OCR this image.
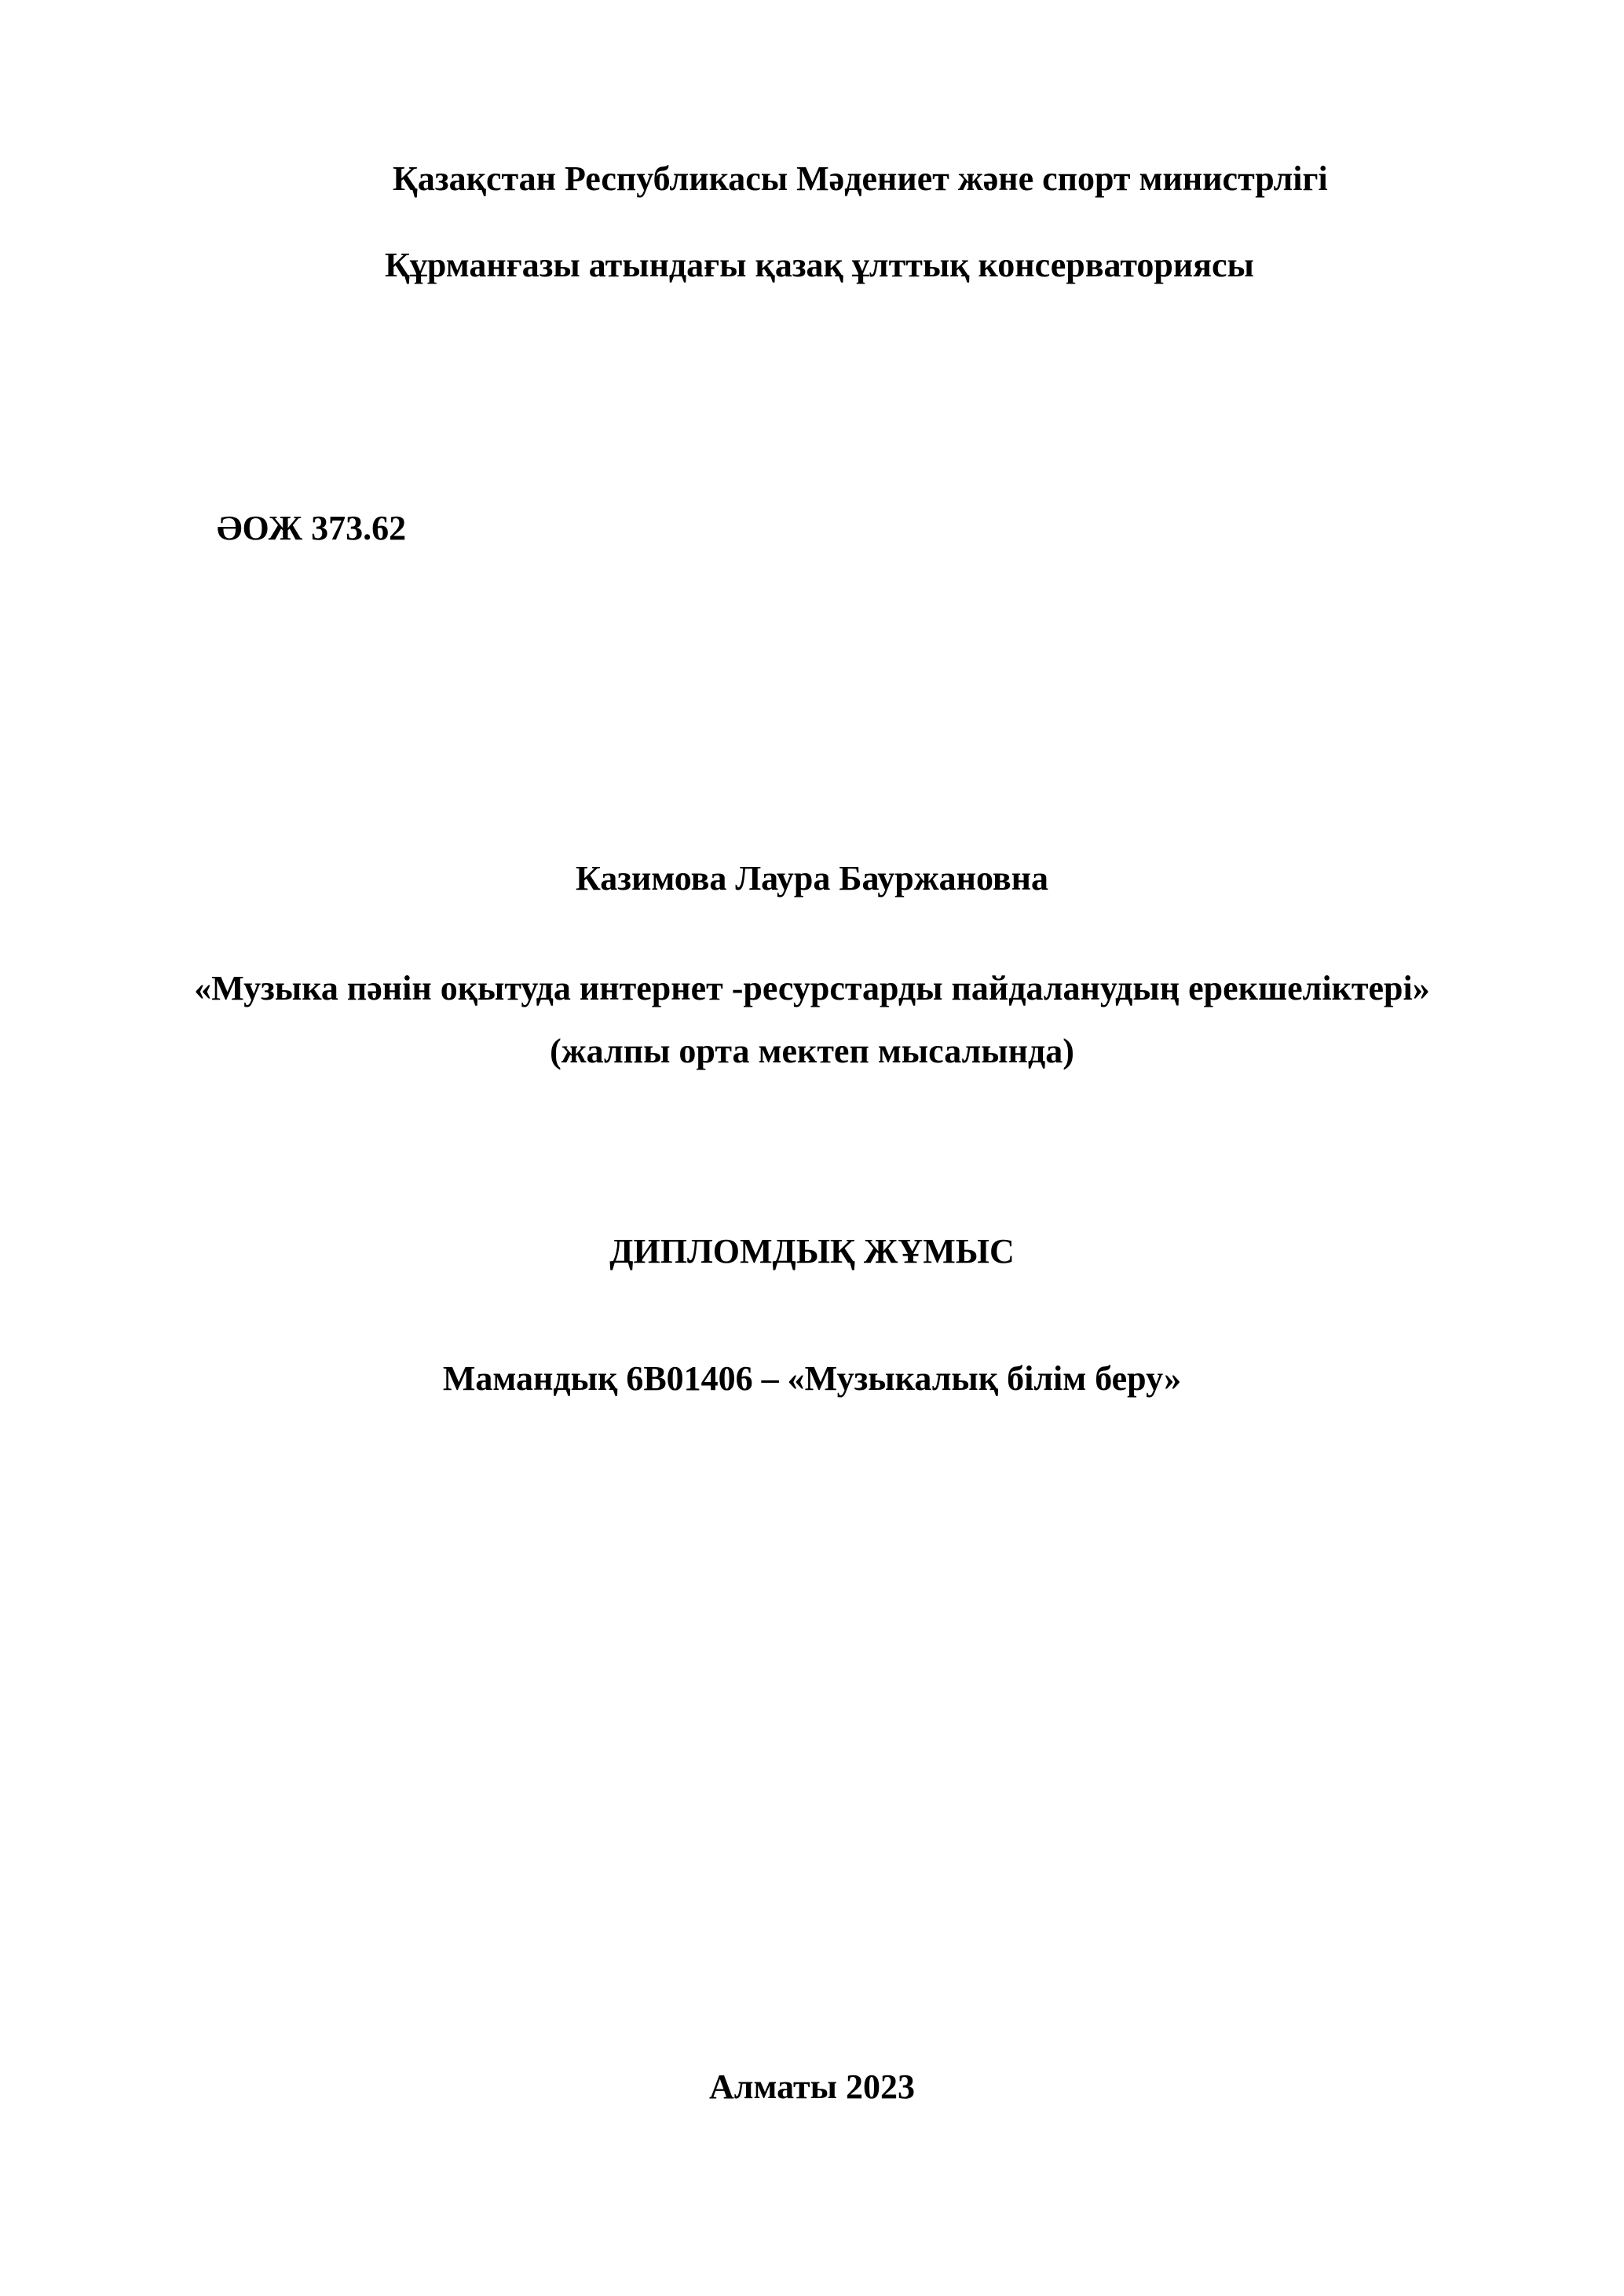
Қазақстан Республикасы Мәдениет және спорт министрлігі
Құрманғазы атындағы қазақ ұлттық консерваториясы
ӘОЖ 373.62
Казимова Лаура Бауржановна
«Музыка пәнін оқытуда интернет -ресурстарды пайдаланудың ерекшеліктері»
(жалпы орта мектеп мысалында)
ДИПЛОМДЫҚ ЖҰМЫС
Мамандық 6В01406 – «Музыкалық білім беру»
Алматы 2023
